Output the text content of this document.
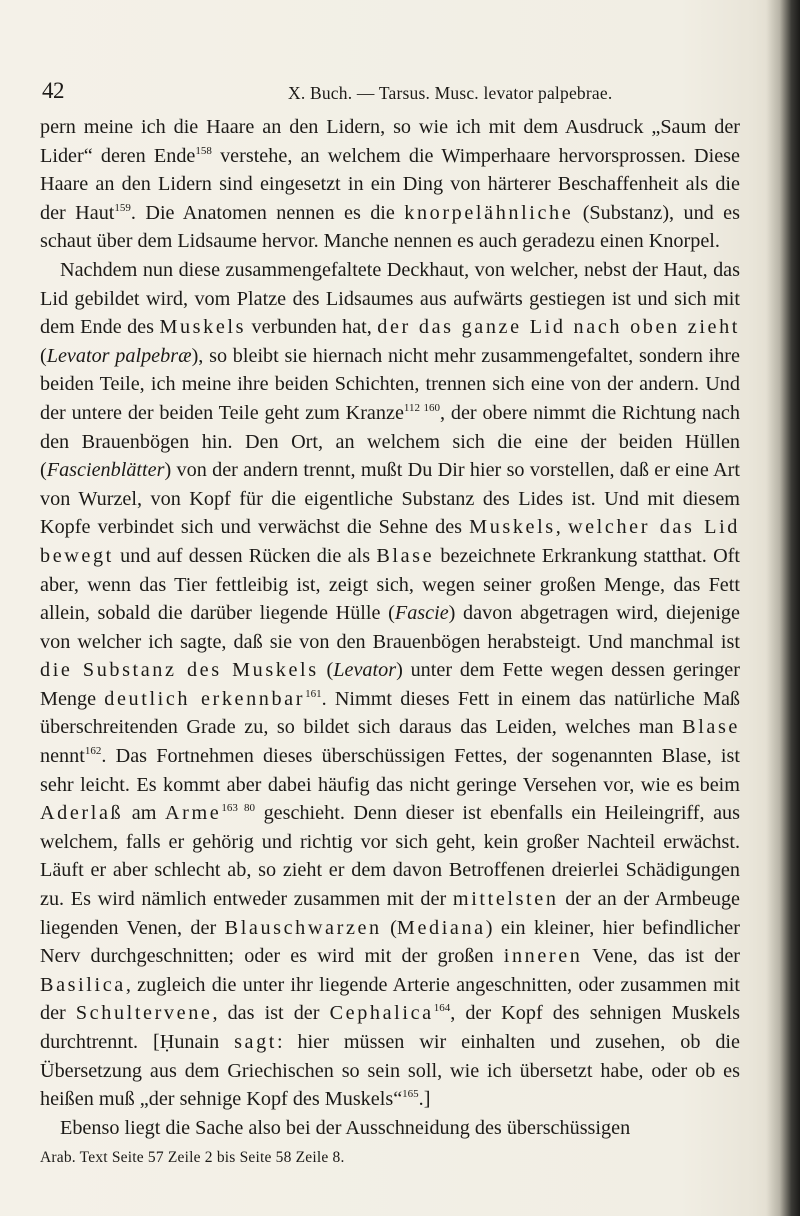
42	X. Buch. — Tarsus. Musc. levator palpebrae.

pern meine ich die Haare an den Lidern, so wie ich mit dem Ausdruck „Saum der Lider“ deren Ende$^{158}$ verstehe, an welchem die Wimperhaare hervorsprossen. Diese Haare an den Lidern sind eingesetzt in ein Ding von härterer Beschaffenheit als die der Haut$^{159}$. Die Anatomen nennen es die knorpelähnliche (Substanz), und es schaut über dem Lidsaume hervor. Manche nennen es auch geradezu einen Knorpel.

Nachdem nun diese zusammengefaltete Deckhaut, von welcher, nebst der Haut, das Lid gebildet wird, vom Platze des Lidsaumes aus aufwärts gestiegen ist und sich mit dem Ende des Muskels verbunden hat, der das ganze Lid nach oben zieht (Levator palpebræ), so bleibt sie hiernach nicht mehr zusammengefaltet, sondern ihre beiden Teile, ich meine ihre beiden Schichten, trennen sich eine von der andern. Und der untere der beiden Teile geht zum Kranze$^{112 160}$, der obere nimmt die Richtung nach den Brauenbögen hin. Den Ort, an welchem sich die eine der beiden Hüllen (Fascienblätter) von der andern trennt, mußt Du Dir hier so vorstellen, daß er eine Art von Wurzel, von Kopf für die eigentliche Substanz des Lides ist. Und mit diesem Kopfe verbindet sich und verwächst die Sehne des Muskels, welcher das Lid bewegt und auf dessen Rücken die als Blase bezeichnete Erkrankung statthat. Oft aber, wenn das Tier fettleibig ist, zeigt sich, wegen seiner großen Menge, das Fett allein, sobald die darüber liegende Hülle (Fascie) davon abgetragen wird, diejenige von welcher ich sagte, daß sie von den Brauenbögen herabsteigt. Und manchmal ist die Substanz des Muskels (Levator) unter dem Fette wegen dessen geringer Menge deutlich erkennbar$^{161}$. Nimmt dieses Fett in einem das natürliche Maß überschreitenden Grade zu, so bildet sich daraus das Leiden, welches man Blase nennt$^{162}$. Das Fortnehmen dieses überschüssigen Fettes, der sogenannten Blase, ist sehr leicht. Es kommt aber dabei häufig das nicht geringe Versehen vor, wie es beim Aderlaß am Arme$^{163 80}$ geschieht. Denn dieser ist ebenfalls ein Heileingriff, aus welchem, falls er gehörig und richtig vor sich geht, kein großer Nachteil erwächst. Läuft er aber schlecht ab, so zieht er dem davon Betroffenen dreierlei Schädigungen zu. Es wird nämlich entweder zusammen mit der mittelsten der an der Armbeuge liegenden Venen, der Blauschwarzen (Mediana) ein kleiner, hier befindlicher Nerv durchgeschnitten; oder es wird mit der großen inneren Vene, das ist der Basilica, zugleich die unter ihr liegende Arterie angeschnitten, oder zusammen mit der Schultervene, das ist der Cephalica$^{164}$, der Kopf des sehnigen Muskels durchtrennt. [Ḥunain sagt: hier müssen wir einhalten und zusehen, ob die Übersetzung aus dem Griechischen so sein soll, wie ich übersetzt habe, oder ob es heißen muß „der sehnige Kopf des Muskels“$^{165}$.]

Ebenso liegt die Sache also bei der Ausschneidung des überschüssigen

Arab. Text Seite 57 Zeile 2 bis Seite 58 Zeile 8.
